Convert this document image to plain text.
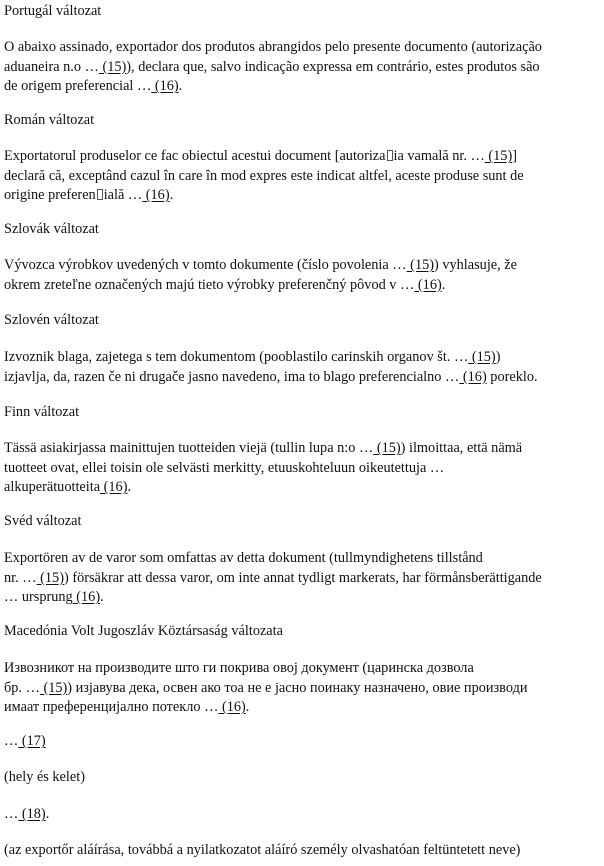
Portugál változat
O abaixo assinado, exportador dos produtos abrangidos pelo presente documento (autorização
aduaneira n.o … (15)), declara que, salvo indicação expressa em contrário, estes produtos são
de origem preferencial … (16).
Román változat
Exportatorul produselor ce fac obiectul acestui document [autoriza ia vamală nr. … (15)]
declară că, exceptând cazul în care în mod expres este indicat altfel, aceste produse sunt de
origine preferen ială … (16).
Szlovák változat
Vývozca výrobkov uvedených v tomto dokumente (číslo povolenia … (15)) vyhlasuje, že
okrem zreteľne označených majú tieto výrobky preferenčný pôvod v … (16).
Szlovén változat
Izvoznik blaga, zajetega s tem dokumentom (pooblastilo carinskih organov št. … (15))
izjavlja, da, razen če ni drugače jasno navedeno, ima to blago preferencialno … (16) poreklo.
Finn változat
Tässä asiakirjassa mainittujen tuotteiden viejä (tullin lupa n:o … (15)) ilmoittaa, että nämä
tuotteet ovat, ellei toisin ole selvästi merkitty, etuuskohteluun oikeutettuja …
alkuperätuotteita (16).
Svéd változat
Exportören av de varor som omfattas av detta dokument (tullmyndighetens tillstånd
nr. … (15)) försäkrar att dessa varor, om inte annat tydligt markerats, har förmånsberättigande
… ursprung (16).
Macedónia Volt Jugoszláv Köztársaság változata
Извозникот на производите што ги покрива овој документ (царинска дозвола
бр. … (15)) изјавува дека, освен ако тоа не е јасно поинаку назначено, овие производи
имаат преференцијално потекло … (16).
… (17)
(hely és kelet)
… (18).
(az exportőr aláírása, továbbá a nyilatkozatot aláíró személy olvashatóan feltüntetett neve)
